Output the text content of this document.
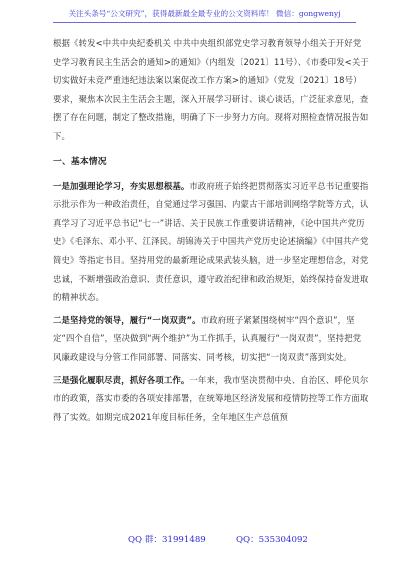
关注头条号“公文研究”，获得最新最全最专业的公文资料库！ 微信：gongwenyj

根据《转发<中共中央纪委机关 中共中央组织部党史学习教育领导小组关于开好党史学习教育民主生活会的通知>的通知》（内组发〔2021〕11号）、《市委印发<关于切实做好未竞严重违纪违法案以案促改工作方案>的通知》（党发〔2021〕18号）要求，聚焦本次民主生活会主题，深入开展学习研讨、谈心谈话，广泛征求意见，查摆了存在问题，制定了整改措施，明确了下一步努力方向。现将对照检查情况报告如下。

一、基本情况

一是加强理论学习，夯实思想根基。市政府班子始终把贯彻落实习近平总书记重要指示批示作为一种政治责任，自觉通过学习强国、内蒙古干部培训网络学院等方式，认真学习了习近平总书记“七一”讲话、关于民族工作重要讲话精神，《论中国共产党历史》《毛泽东、邓小平、江泽民、胡锦涛关于中国共产党历史论述摘编》《中国共产党简史》等指定书目。坚持用党的最新理论成果武装头脑，进一步坚定理想信念，对党忠诚，不断增强政治意识、责任意识，遵守政治纪律和政治规矩，始终保持奋发进取的精神状态。

二是坚持党的领导，履行“一岗双责”。市政府班子紧紧围绕树牢“四个意识”，坚定“四个自信”，坚决做到“两个维护”为工作抓手，认真履行“一岗双责”，坚持把党风廉政建设与分管工作同部署、同落实、同考核，切实把“一岗双责”落到实处。

三是强化履职尽责，抓好各项工作。一年来，我市坚决贯彻中央、自治区、呼伦贝尔市的政策，落实市委的各项安排部署，在统筹地区经济发展和疫情防控等工作方面取得了实效。如期完成2021年度目标任务，全年地区生产总值预

QQ 群：31991489	QQ：535304092
